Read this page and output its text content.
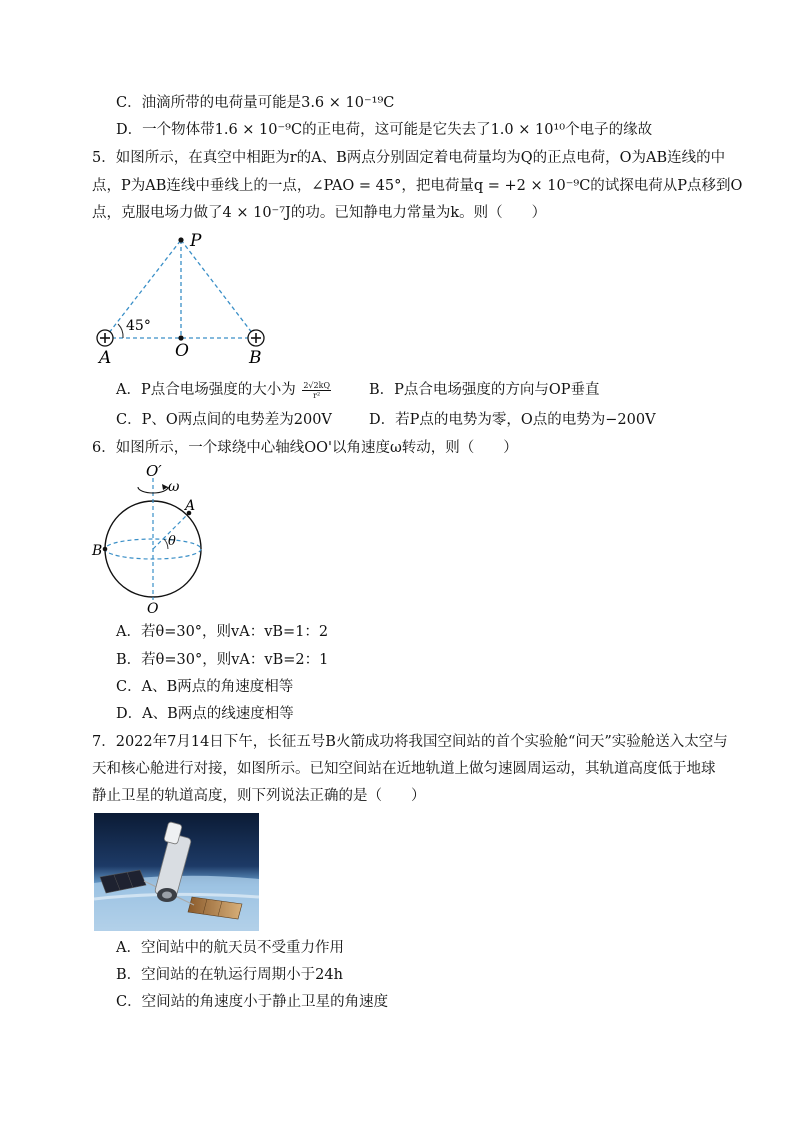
C．油滴所带的电荷量可能是3.6 × 10⁻¹⁹C
D．一个物体带1.6 × 10⁻⁹C的正电荷，这可能是它失去了1.0 × 10¹⁰个电子的缘故
5．如图所示，在真空中相距为r的A、B两点分别固定着电荷量均为Q的正点电荷，O为AB连线的中
点，P为AB连线中垂线上的一点，∠PAO = 45°，把电荷量q = +2 × 10⁻⁹C的试探电荷从P点移到O
点，克服电场力做了4 × 10⁻⁷J的功。已知静电力常量为k。则（　　）
P
45°
A	O	B
A．P点合电场强度的大小为 $\frac{2√2kQ}{\text{r²}}$	B．P点合电场强度的方向与OP垂直
C．P、O两点间的电势差为200V	D．若P点的电势为零，O点的电势为−200V
6．如图所示，一个球绕中心轴线OO'以角速度ω转动，则（　　）
O′
ω
A
B
θ
O
A．若θ=30°，则vA：vB=1：2
B．若θ=30°，则vA：vB=2：1
C．A、B两点的角速度相等
D．A、B两点的线速度相等
7．2022年7月14日下午，长征五号B火箭成功将我国空间站的首个实验舱“问天”实验舱送入太空与
天和核心舱进行对接，如图所示。已知空间站在近地轨道上做匀速圆周运动，其轨道高度低于地球
静止卫星的轨道高度，则下列说法正确的是（　　）
A．空间站中的航天员不受重力作用
B．空间站的在轨运行周期小于24h
C．空间站的角速度小于静止卫星的角速度
